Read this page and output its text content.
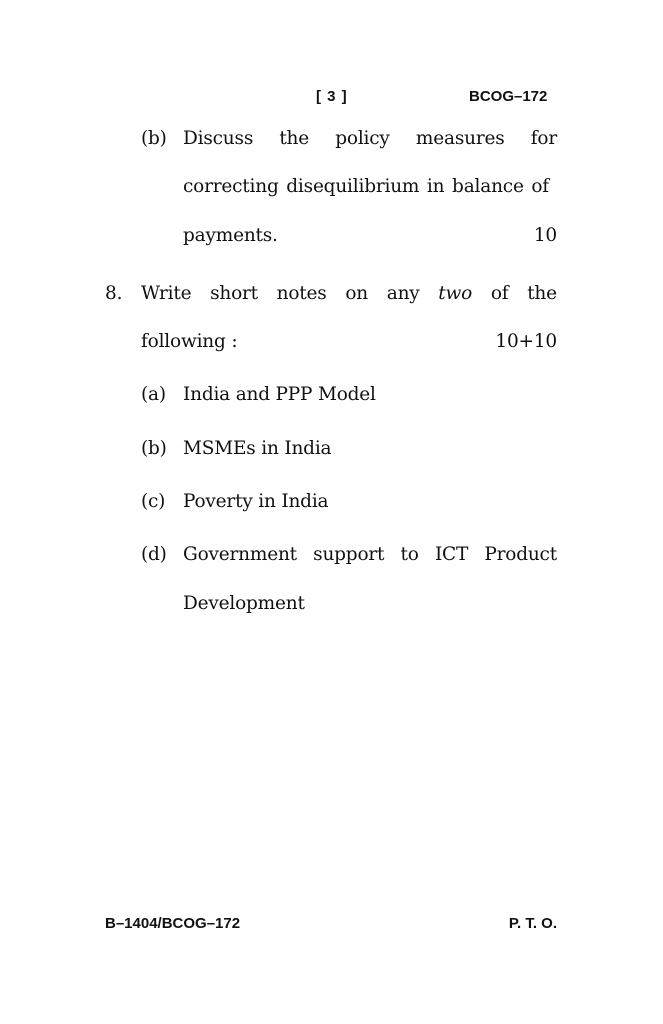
[ 3 ]	BCOG–172
(b) Discuss the policy measures for
correcting disequilibrium in balance of
payments.	10
8. Write short notes on any two of the
following :	10+10
(a) India and PPP Model
(b) MSMEs in India
(c) Poverty in India
(d) Government support to ICT Product
Development
B–1404/BCOG–172	P. T. O.
